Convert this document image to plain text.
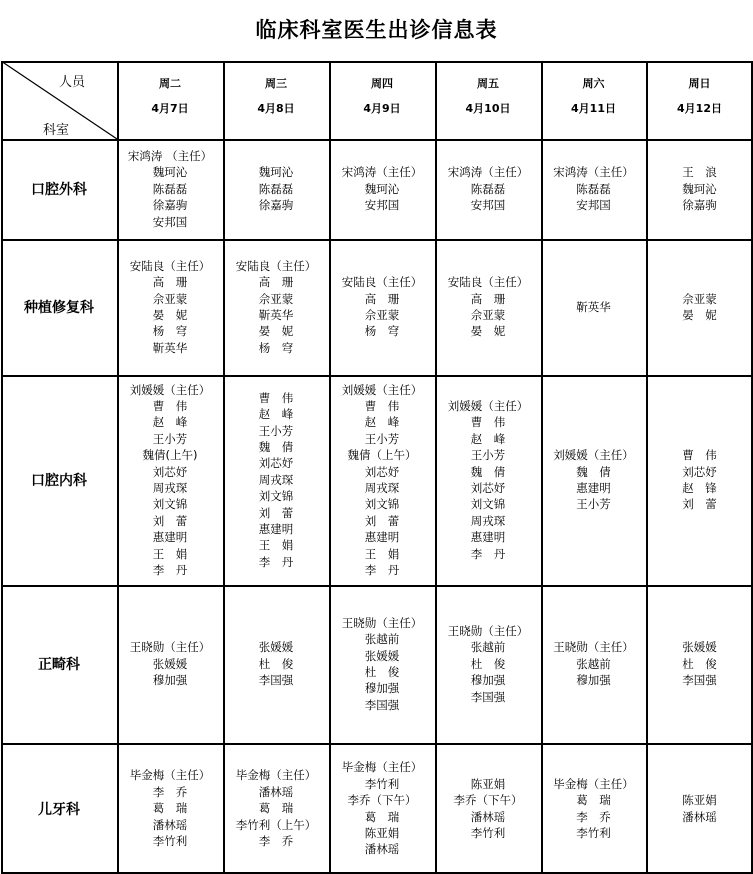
临床科室医生出诊信息表
人员
科室
周二
4月7日
周三
4月8日
周四
4月9日
周五
4月10日
周六
4月11日
周日
4月12日
口腔外科
宋鸿涛 （主任）
魏珂沁
陈磊磊
徐嘉驹
安邦国
魏珂沁
陈磊磊
徐嘉驹
宋鸿涛（主任）
魏珂沁
安邦国
宋鸿涛（主任）
陈磊磊
安邦国
宋鸿涛（主任）
陈磊磊
安邦国
王　浪
魏珂沁
徐嘉驹
种植修复科
安陆良（主任）
高　珊
佘亚蒙
晏　妮
杨　穹
靳英华
安陆良（主任）
高　珊
佘亚蒙
靳英华
晏　妮
杨　穹
安陆良（主任）
高　珊
佘亚蒙
杨　穹
安陆良（主任）
高　珊
佘亚蒙
晏　妮
靳英华
佘亚蒙
晏　妮
口腔内科
刘媛媛（主任）
曹　伟
赵　峰
王小芳
魏倩(上午)
刘芯妤
周戎琛
刘文锦
刘　蕾
惠建明
王　娟
李　丹
曹　伟
赵　峰
王小芳
魏　倩
刘芯妤
周戎琛
刘文锦
刘　蕾
惠建明
王　娟
李　丹
刘媛媛（主任）
曹　伟
赵　峰
王小芳
魏倩（上午）
刘芯妤
周戎琛
刘文锦
刘　蕾
惠建明
王　娟
李　丹
刘媛媛（主任）
曹　伟
赵　峰
王小芳
魏　倩
刘芯妤
刘文锦
周戎琛
惠建明
李　丹
刘媛媛（主任）
魏　倩
惠建明
王小芳
曹　伟
刘芯妤
赵　锋
刘　蕾
正畸科
王晓勋（主任）
张媛媛
穆加强
张媛媛
杜　俊
李国强
王晓勋（主任）
张越前
张媛媛
杜　俊
穆加强
李国强
王晓勋（主任）
张越前
杜　俊
穆加强
李国强
王晓勋（主任）
张越前
穆加强
张媛媛
杜　俊
李国强
儿牙科
毕金梅（主任）
李　乔
葛　瑞
潘林瑶
李竹利
毕金梅（主任）
潘林瑶
葛　瑞
李竹利（上午）
李　乔
毕金梅（主任）
李竹利
李乔（下午）
葛　瑞
陈亚娟
潘林瑶
陈亚娟
李乔（下午）
潘林瑶
李竹利
毕金梅（主任）
葛　瑞
李　乔
李竹利
陈亚娟
潘林瑶
